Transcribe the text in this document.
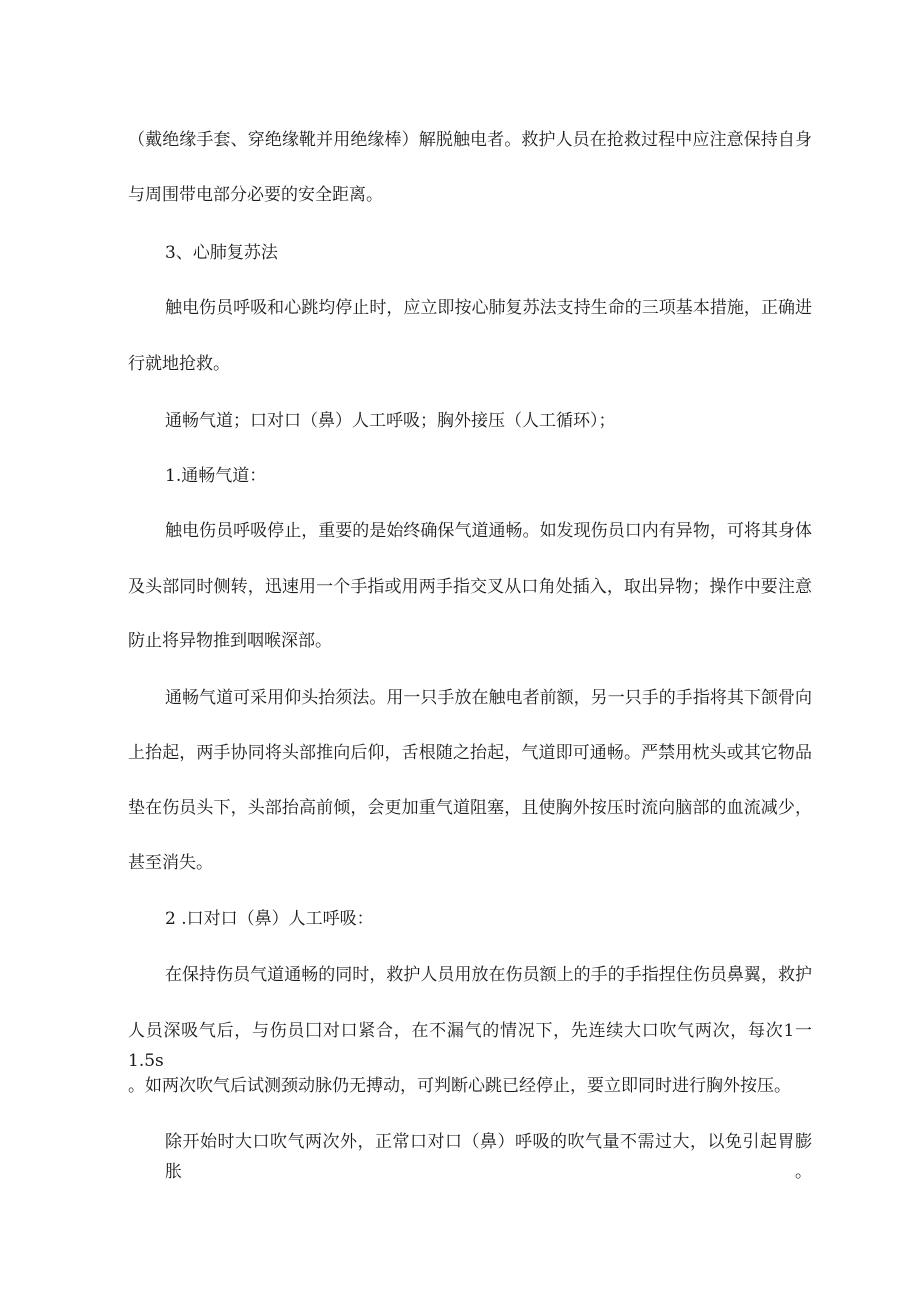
（戴绝缘手套、穿绝缘靴并用绝缘棒）解脱触电者。救护人员在抢救过程中应注意保持自身
与周围带电部分必要的安全距离。
3、心肺复苏法
触电伤员呼吸和心跳均停止时，应立即按心肺复苏法支持生命的三项基本措施，正确进
行就地抢救。
通畅气道；口对口（鼻）人工呼吸；胸外接压（人工循环）；
1.通畅气道：
触电伤员呼吸停止，重要的是始终确保气道通畅。如发现伤员口内有异物，可将其身体
及头部同时侧转，迅速用一个手指或用两手指交叉从口角处插入，取出异物；操作中要注意
防止将异物推到咽喉深部。
通畅气道可采用仰头抬须法。用一只手放在触电者前额，另一只手的手指将其下颌骨向
上抬起，两手协同将头部推向后仰，舌根随之抬起，气道即可通畅。严禁用枕头或其它物品
垫在伤员头下，头部抬高前倾，会更加重气道阻塞，且使胸外按压时流向脑部的血流减少，
甚至消失。
2 .口对口（鼻）人工呼吸：
在保持伤员气道通畅的同时，救护人员用放在伤员额上的手的手指捏住伤员鼻翼，救护
人员深吸气后，与伤员囗对口紧合，在不漏气的情况下，先连续大口吹气两次，每次1一1.5s
。如两次吹气后试测颈动脉仍无搏动，可判断心跳已经停止，要立即同时进行胸外按压。
除开始时大口吹气两次外，正常口对口（鼻）呼吸的吹气量不需过大，以免引起胃膨胀。
